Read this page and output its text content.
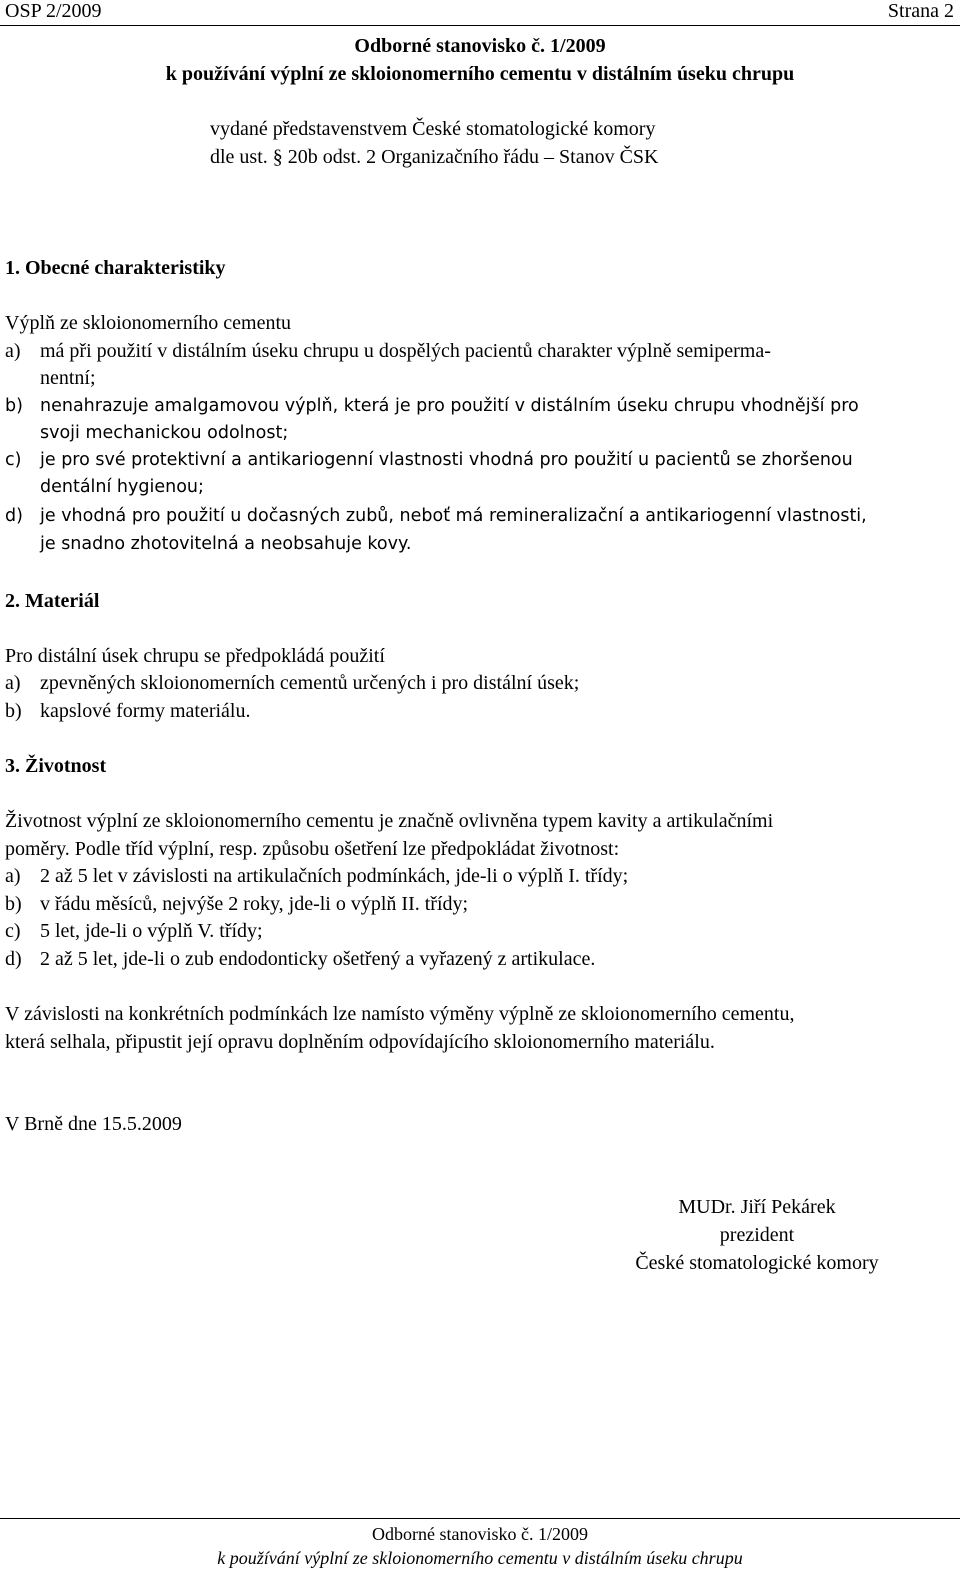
OSP 2/2009	Strana 2
Odborné stanovisko č. 1/2009
k používání výplní ze skloionomerního cementu v distálním úseku chrupu
vydané představenstvem České stomatologické komory
dle ust. § 20b odst. 2 Organizačního řádu – Stanov ČSK
1. Obecné charakteristiky
Výplň ze skloionomerního cementu
a) má při použití v distálním úseku chrupu u dospělých pacientů charakter výplně semiperma-
nentní;
b) nenahrazuje amalgamovou výplň, která je pro použití v distálním úseku chrupu vhodnější pro
svoji mechanickou odolnost;
c) je pro své protektivní a antikariogenní vlastnosti vhodná pro použití u pacientů se zhoršenou
dentální hygienou;
d) je vhodná pro použití u dočasných zubů, neboť má remineralizační a antikariogenní vlastnosti,
je snadno zhotovitelná a neobsahuje kovy.
2. Materiál
Pro distální úsek chrupu se předpokládá použití
a) zpevněných skloionomerních cementů určených i pro distální úsek;
b) kapslové formy materiálu.
3. Životnost
Životnost výplní ze skloionomerního cementu je značně ovlivněna typem kavity a artikulačními
poměry. Podle tříd výplní, resp. způsobu ošetření lze předpokládat životnost:
a) 2 až 5 let v závislosti na artikulačních podmínkách, jde-li o výplň I. třídy;
b) v řádu měsíců, nejvýše 2 roky, jde-li o výplň II. třídy;
c) 5 let, jde-li o výplň V. třídy;
d) 2 až 5 let, jde-li o zub endodonticky ošetřený a vyřazený z artikulace.
V závislosti na konkrétních podmínkách lze namísto výměny výplně ze skloionomerního cementu,
která selhala, připustit její opravu doplněním odpovídajícího skloionomerního materiálu.
V Brně dne 15.5.2009
MUDr. Jiří Pekárek
prezident
České stomatologické komory
Odborné stanovisko č. 1/2009
k používání výplní ze skloionomerního cementu v distálním úseku chrupu
